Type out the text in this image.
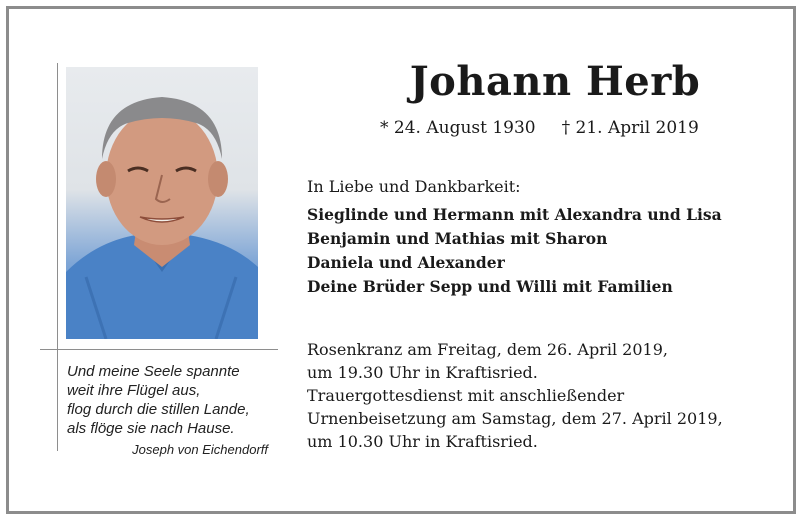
Und meine Seele spannte
weit ihre Flügel aus,
flog durch die stillen Lande,
als flöge sie nach Hause.
Joseph von Eichendorff
Johann Herb
* 24. August 1930 † 21. April 2019
In Liebe und Dankbarkeit:
Sieglinde und Hermann mit Alexandra und Lisa
Benjamin und Mathias mit Sharon
Daniela und Alexander
Deine Brüder Sepp und Willi mit Familien
Rosenkranz am Freitag, dem 26. April 2019,
um 19.30 Uhr in Kraftisried.
Trauergottesdienst mit anschließender
Urnenbeisetzung am Samstag, dem 27. April 2019,
um 10.30 Uhr in Kraftisried.
